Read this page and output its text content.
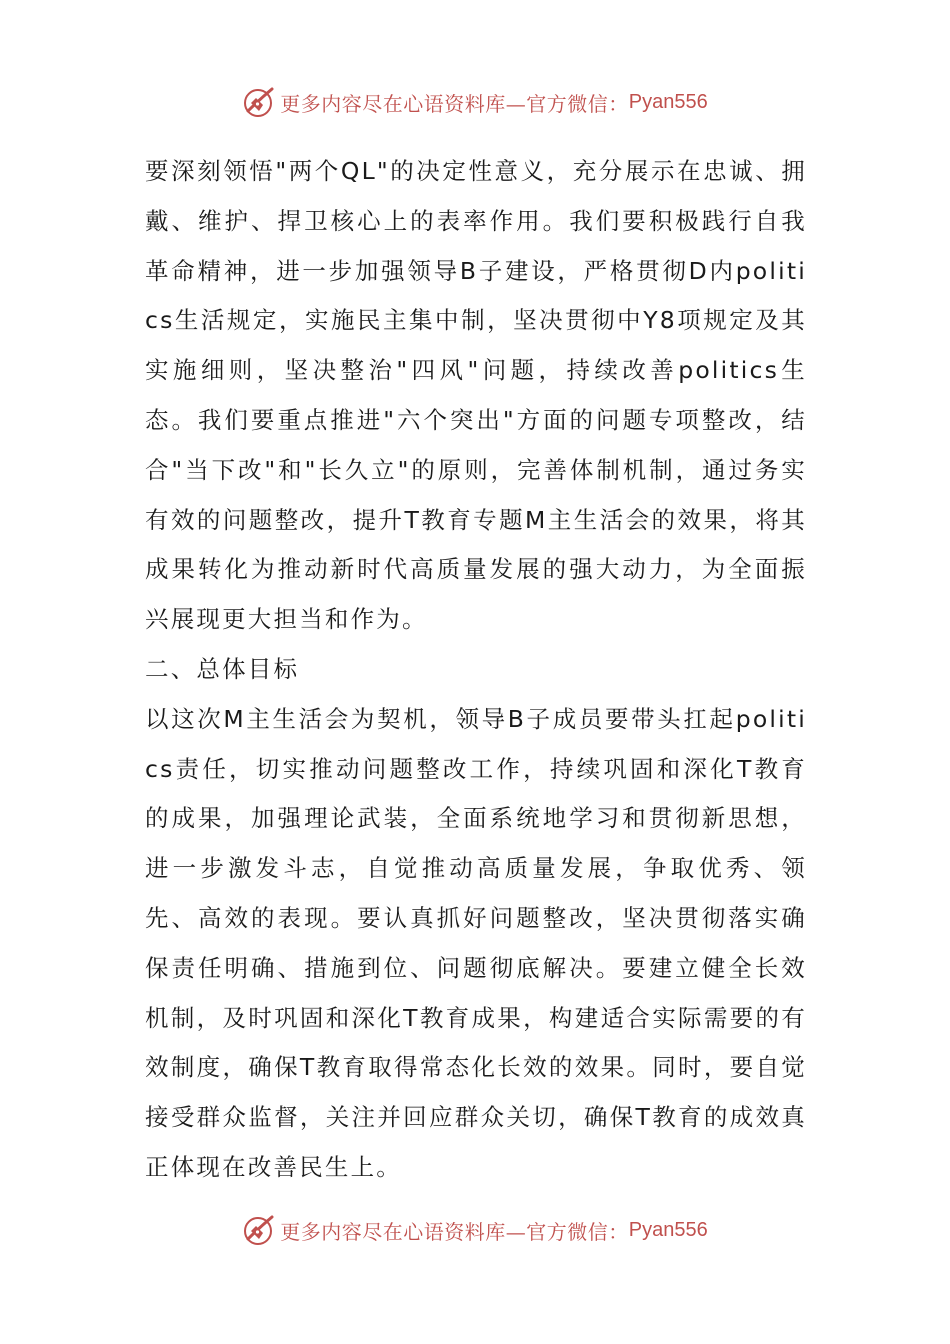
更多内容尽在心语资料库—官方微信： Pyan556

要深刻领悟"两个QL"的决定性意义，充分展示在忠诚、拥戴、维护、捍卫核心上的表率作用。我们要积极践行自我革命精神，进一步加强领导B子建设，严格贯彻D内politics生活规定，实施民主集中制，坚决贯彻中Y8项规定及其实施细则，坚决整治"四风"问题，持续改善politics生态。我们要重点推进"六个突出"方面的问题专项整改，结合"当下改"和"长久立"的原则，完善体制机制，通过务实有效的问题整改，提升T教育专题M主生活会的效果，将其成果转化为推动新时代高质量发展的强大动力，为全面振兴展现更大担当和作为。

二、总体目标

以这次M主生活会为契机，领导B子成员要带头扛起politics责任，切实推动问题整改工作，持续巩固和深化T教育的成果，加强理论武装，全面系统地学习和贯彻新思想，进一步激发斗志，自觉推动高质量发展，争取优秀、领先、高效的表现。要认真抓好问题整改，坚决贯彻落实确保责任明确、措施到位、问题彻底解决。要建立健全长效机制，及时巩固和深化T教育成果，构建适合实际需要的有效制度，确保T教育取得常态化长效的效果。同时，要自觉接受群众监督，关注并回应群众关切，确保T教育的成效真正体现在改善民生上。

更多内容尽在心语资料库—官方微信： Pyan556
